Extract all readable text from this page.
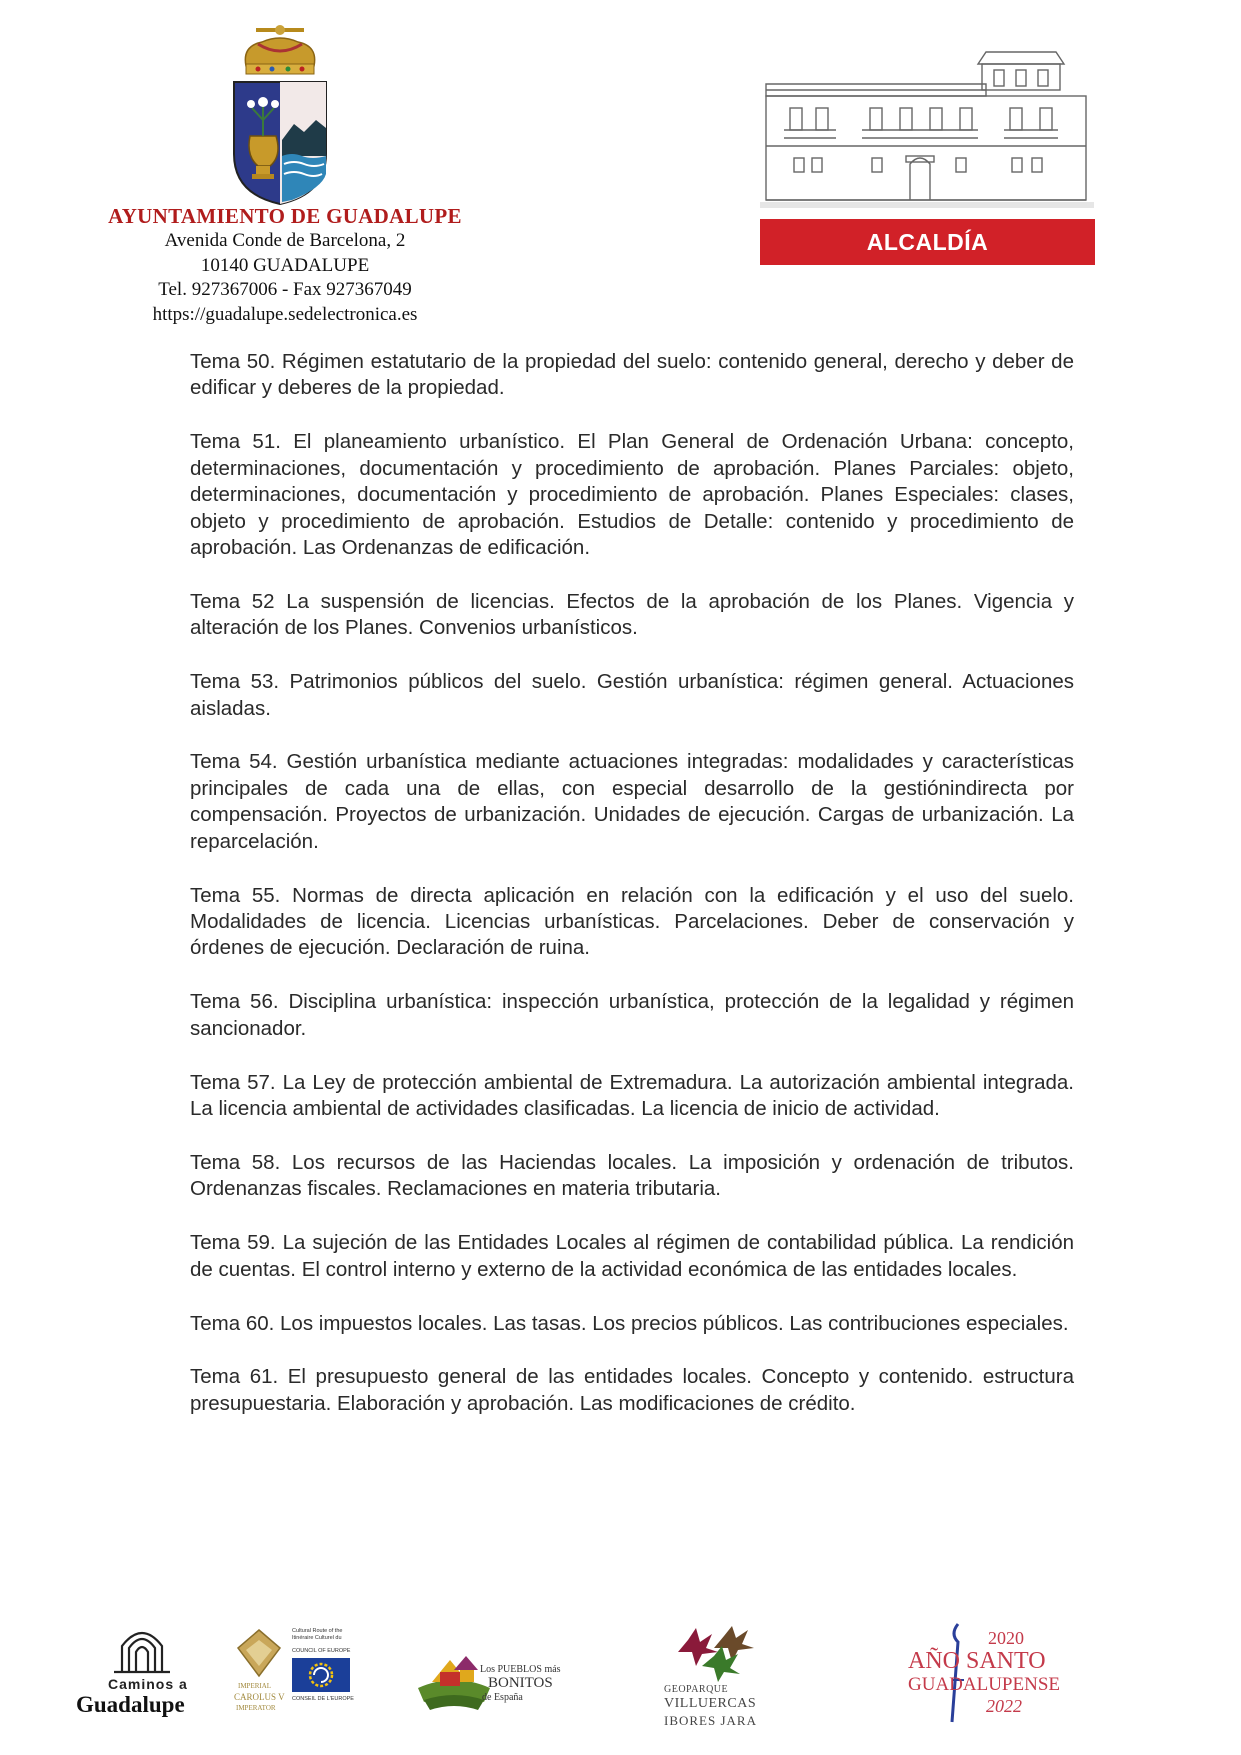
AYUNTAMIENTO DE GUADALUPE
Avenida Conde de Barcelona, 2
10140 GUADALUPE
Tel. 927367006 - Fax 927367049
https://guadalupe.sedelectronica.es
ALCALDÍA

Tema 50. Régimen estatutario de la propiedad del suelo: contenido general, derecho y deber de edificar y deberes de la propiedad.

Tema 51. El planeamiento urbanístico. El Plan General de Ordenación Urbana: concepto, determinaciones, documentación y procedimiento de aprobación. Planes Parciales: objeto, determinaciones, documentación y procedimiento de aprobación. Planes Especiales: clases, objeto y procedimiento de aprobación. Estudios de Detalle: contenido y procedimiento de aprobación. Las Ordenanzas de edificación.

Tema 52 La suspensión de licencias. Efectos de la aprobación de los Planes. Vigencia y alteración de los Planes. Convenios urbanísticos.

Tema 53. Patrimonios públicos del suelo. Gestión urbanística: régimen general. Actuaciones aisladas.

Tema 54. Gestión urbanística mediante actuaciones integradas: modalidades y características principales de cada una de ellas, con especial desarrollo de la gestiónindirecta por compensación. Proyectos de urbanización. Unidades de ejecución. Cargas de urbanización. La reparcelación.

Tema 55. Normas de directa aplicación en relación con la edificación y el uso del suelo. Modalidades de licencia. Licencias urbanísticas. Parcelaciones. Deber de conservación y órdenes de ejecución. Declaración de ruina.

Tema 56. Disciplina urbanística: inspección urbanística, protección de la legalidad y régimen sancionador.

Tema 57. La Ley de protección ambiental de Extremadura. La autorización ambiental integrada. La licencia ambiental de actividades clasificadas. La licencia de inicio de actividad.

Tema 58. Los recursos de las Haciendas locales. La imposición y ordenación de tributos. Ordenanzas fiscales. Reclamaciones en materia tributaria.

Tema 59. La sujeción de las Entidades Locales al régimen de contabilidad pública. La rendición de cuentas. El control interno y externo de la actividad económica de las entidades locales.

Tema 60. Los impuestos locales. Las tasas. Los precios públicos. Las contribuciones especiales.

Tema 61. El presupuesto general de las entidades locales. Concepto y contenido. estructura presupuestaria. Elaboración y aprobación. Las modificaciones de crédito.

Caminos a
Guadalupe
IMPERIAL
CAROLUS V
IMPERATOR
Cultural Route of the Itinéraire Culturel du
COUNCIL OF EUROPE
CONSEIL DE L'EUROPE
Los PUEBLOS más
BONITOS
de España
GEOPARQUE
VILLUERCAS
IBORES JARA
2020
AÑO SANTO
GUADALUPENSE
2022
